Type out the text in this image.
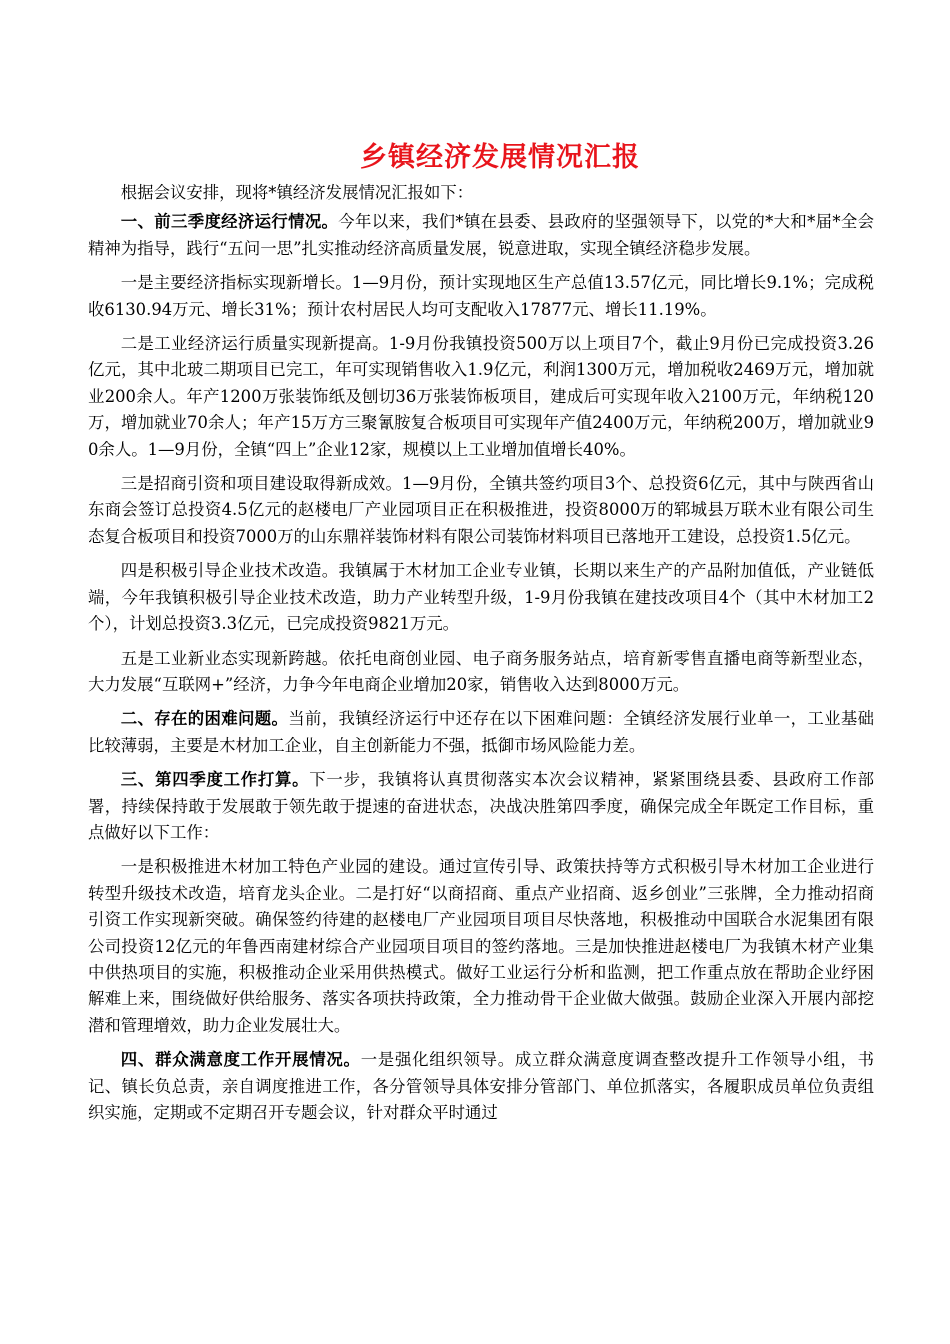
乡镇经济发展情况汇报

根据会议安排，现将*镇经济发展情况汇报如下：

一、前三季度经济运行情况。今年以来，我们*镇在县委、县政府的坚强领导下，以党的*大和*届*全会精神为指导，践行“五问一思”扎实推动经济高质量发展，锐意进取，实现全镇经济稳步发展。

一是主要经济指标实现新增长。1—9月份，预计实现地区生产总值13.57亿元，同比增长9.1%；完成税收6130.94万元、增长31%；预计农村居民人均可支配收入17877元、增长11.19%。

二是工业经济运行质量实现新提高。1-9月份我镇投资500万以上项目7个，截止9月份已完成投资3.26亿元，其中北玻二期项目已完工，年可实现销售收入1.9亿元，利润1300万元，增加税收2469万元，增加就业200余人。年产1200万张装饰纸及刨切36万张装饰板项目，建成后可实现年收入2100万元，年纳税120万，增加就业70余人；年产15万方三聚氰胺复合板项目可实现年产值2400万元，年纳税200万，增加就业90余人。1—9月份，全镇“四上”企业12家，规模以上工业增加值增长40%。

三是招商引资和项目建设取得新成效。1—9月份，全镇共签约项目3个、总投资6亿元，其中与陕西省山东商会签订总投资4.5亿元的赵楼电厂产业园项目正在积极推进，投资8000万的郓城县万联木业有限公司生态复合板项目和投资7000万的山东鼎祥装饰材料有限公司装饰材料项目已落地开工建设，总投资1.5亿元。

四是积极引导企业技术改造。我镇属于木材加工企业专业镇，长期以来生产的产品附加值低，产业链低端，今年我镇积极引导企业技术改造，助力产业转型升级，1-9月份我镇在建技改项目4个（其中木材加工2个），计划总投资3.3亿元，已完成投资9821万元。

五是工业新业态实现新跨越。依托电商创业园、电子商务服务站点，培育新零售直播电商等新型业态，大力发展“互联网+”经济，力争今年电商企业增加20家，销售收入达到8000万元。

二、存在的困难问题。当前，我镇经济运行中还存在以下困难问题：全镇经济发展行业单一，工业基础比较薄弱，主要是木材加工企业，自主创新能力不强，抵御市场风险能力差。

三、第四季度工作打算。下一步，我镇将认真贯彻落实本次会议精神，紧紧围绕县委、县政府工作部署，持续保持敢于发展敢于领先敢于提速的奋进状态，决战决胜第四季度，确保完成全年既定工作目标，重点做好以下工作：

一是积极推进木材加工特色产业园的建设。通过宣传引导、政策扶持等方式积极引导木材加工企业进行转型升级技术改造，培育龙头企业。二是打好“以商招商、重点产业招商、返乡创业”三张牌，全力推动招商引资工作实现新突破。确保签约待建的赵楼电厂产业园项目项目尽快落地，积极推动中国联合水泥集团有限公司投资12亿元的年鲁西南建材综合产业园项目项目的签约落地。三是加快推进赵楼电厂为我镇木材产业集中供热项目的实施，积极推动企业采用供热模式。做好工业运行分析和监测，把工作重点放在帮助企业纾困解难上来，围绕做好供给服务、落实各项扶持政策，全力推动骨干企业做大做强。鼓励企业深入开展内部挖潜和管理增效，助力企业发展壮大。

四、群众满意度工作开展情况。一是强化组织领导。成立群众满意度调查整改提升工作领导小组，书记、镇长负总责，亲自调度推进工作，各分管领导具体安排分管部门、单位抓落实，各履职成员单位负责组织实施，定期或不定期召开专题会议，针对群众平时通过
